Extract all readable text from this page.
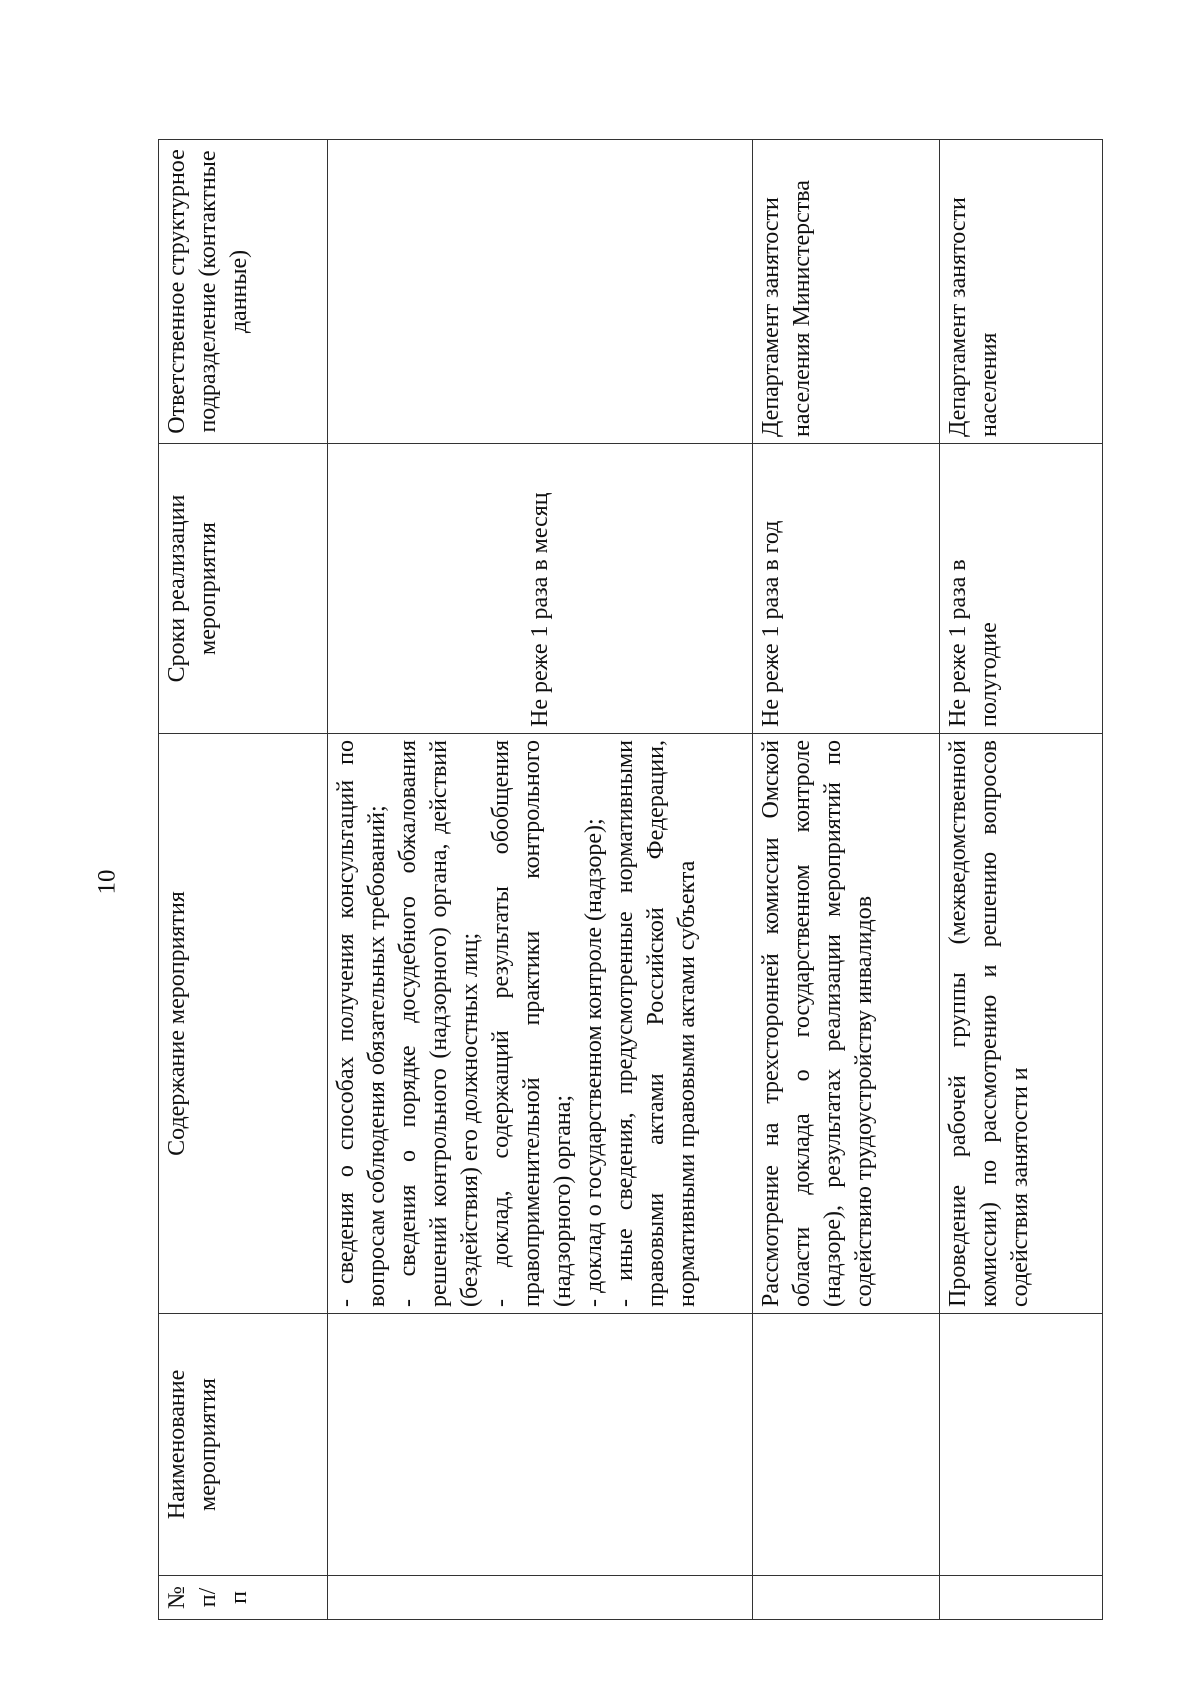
10
№ п/п	Наименование мероприятия	Содержание мероприятия	Сроки реализации мероприятия	Ответственное структурное подразделение (контактные данные)

		- сведения о способах получения консультаций по вопросам соблюдения обязательных требований; - сведения о порядке досудебного обжалования решений контрольного (надзорного) органа, действий (бездействия) его должностных лиц; - доклад, содержащий результаты обобщения правоприменительной практики контрольного (надзорного) органа; - доклад о государственном контроле (надзоре); - иные сведения, предусмотренные нормативными правовыми актами Российской Федерации, нормативными правовыми актами субъекта	Не реже 1 раза в месяц	
		Рассмотрение на трехсторонней комиссии Омской области доклада о государственном контроле (надзоре), результатах реализации мероприятий по содействию трудоустройству инвалидов	Не реже 1 раза в год	Департамент занятости населения Министерства
		Проведение рабочей группы (межведомственной комиссии) по рассмотрению и решению вопросов содействия занятости и	Не реже 1 раза в полугодие	Департамент занятости населения
